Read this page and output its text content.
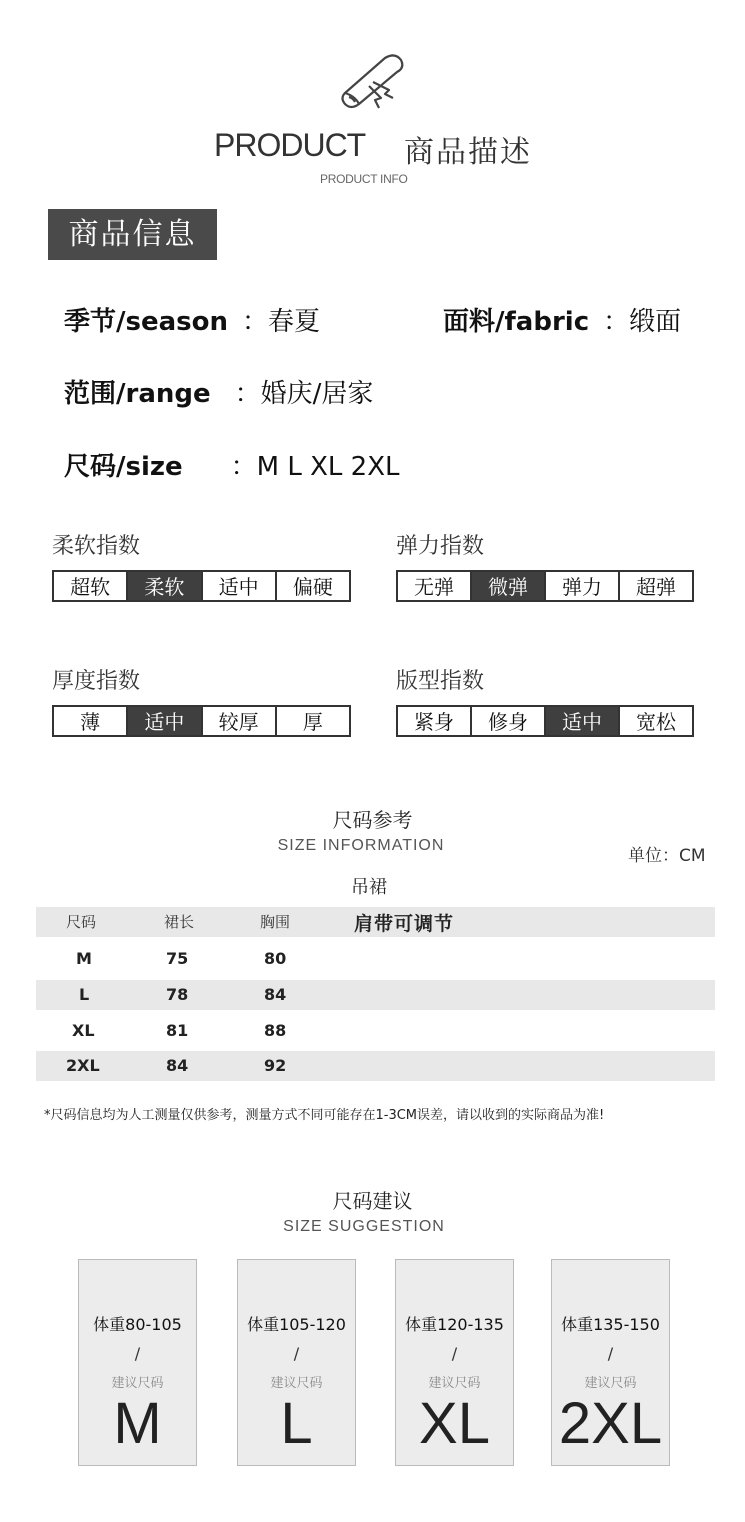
PRODUCT 商品描述
PRODUCT INFO
商品信息
季节/season ：春夏	面料/fabric ：缎面
范围/range ：婚庆/居家
尺码/size ：M L XL 2XL
柔软指数
超软	柔软	适中	偏硬
弹力指数
无弹	微弹	弹力	超弹
厚度指数
薄	适中	较厚	厚
版型指数
紧身	修身	适中	宽松
尺码参考
SIZE INFORMATION
单位：CM
吊裙
尺码	裙长	胸围	肩带可调节
M	75	80
L	78	84
XL	81	88
2XL	84	92
*尺码信息均为人工测量仅供参考，测量方式不同可能存在1-3CM误差，请以收到的实际商品为准!
尺码建议
SIZE SUGGESTION
体重80-105
/
建议尺码
M
体重105-120
/
建议尺码
L
体重120-135
/
建议尺码
XL
体重135-150
/
建议尺码
2XL
